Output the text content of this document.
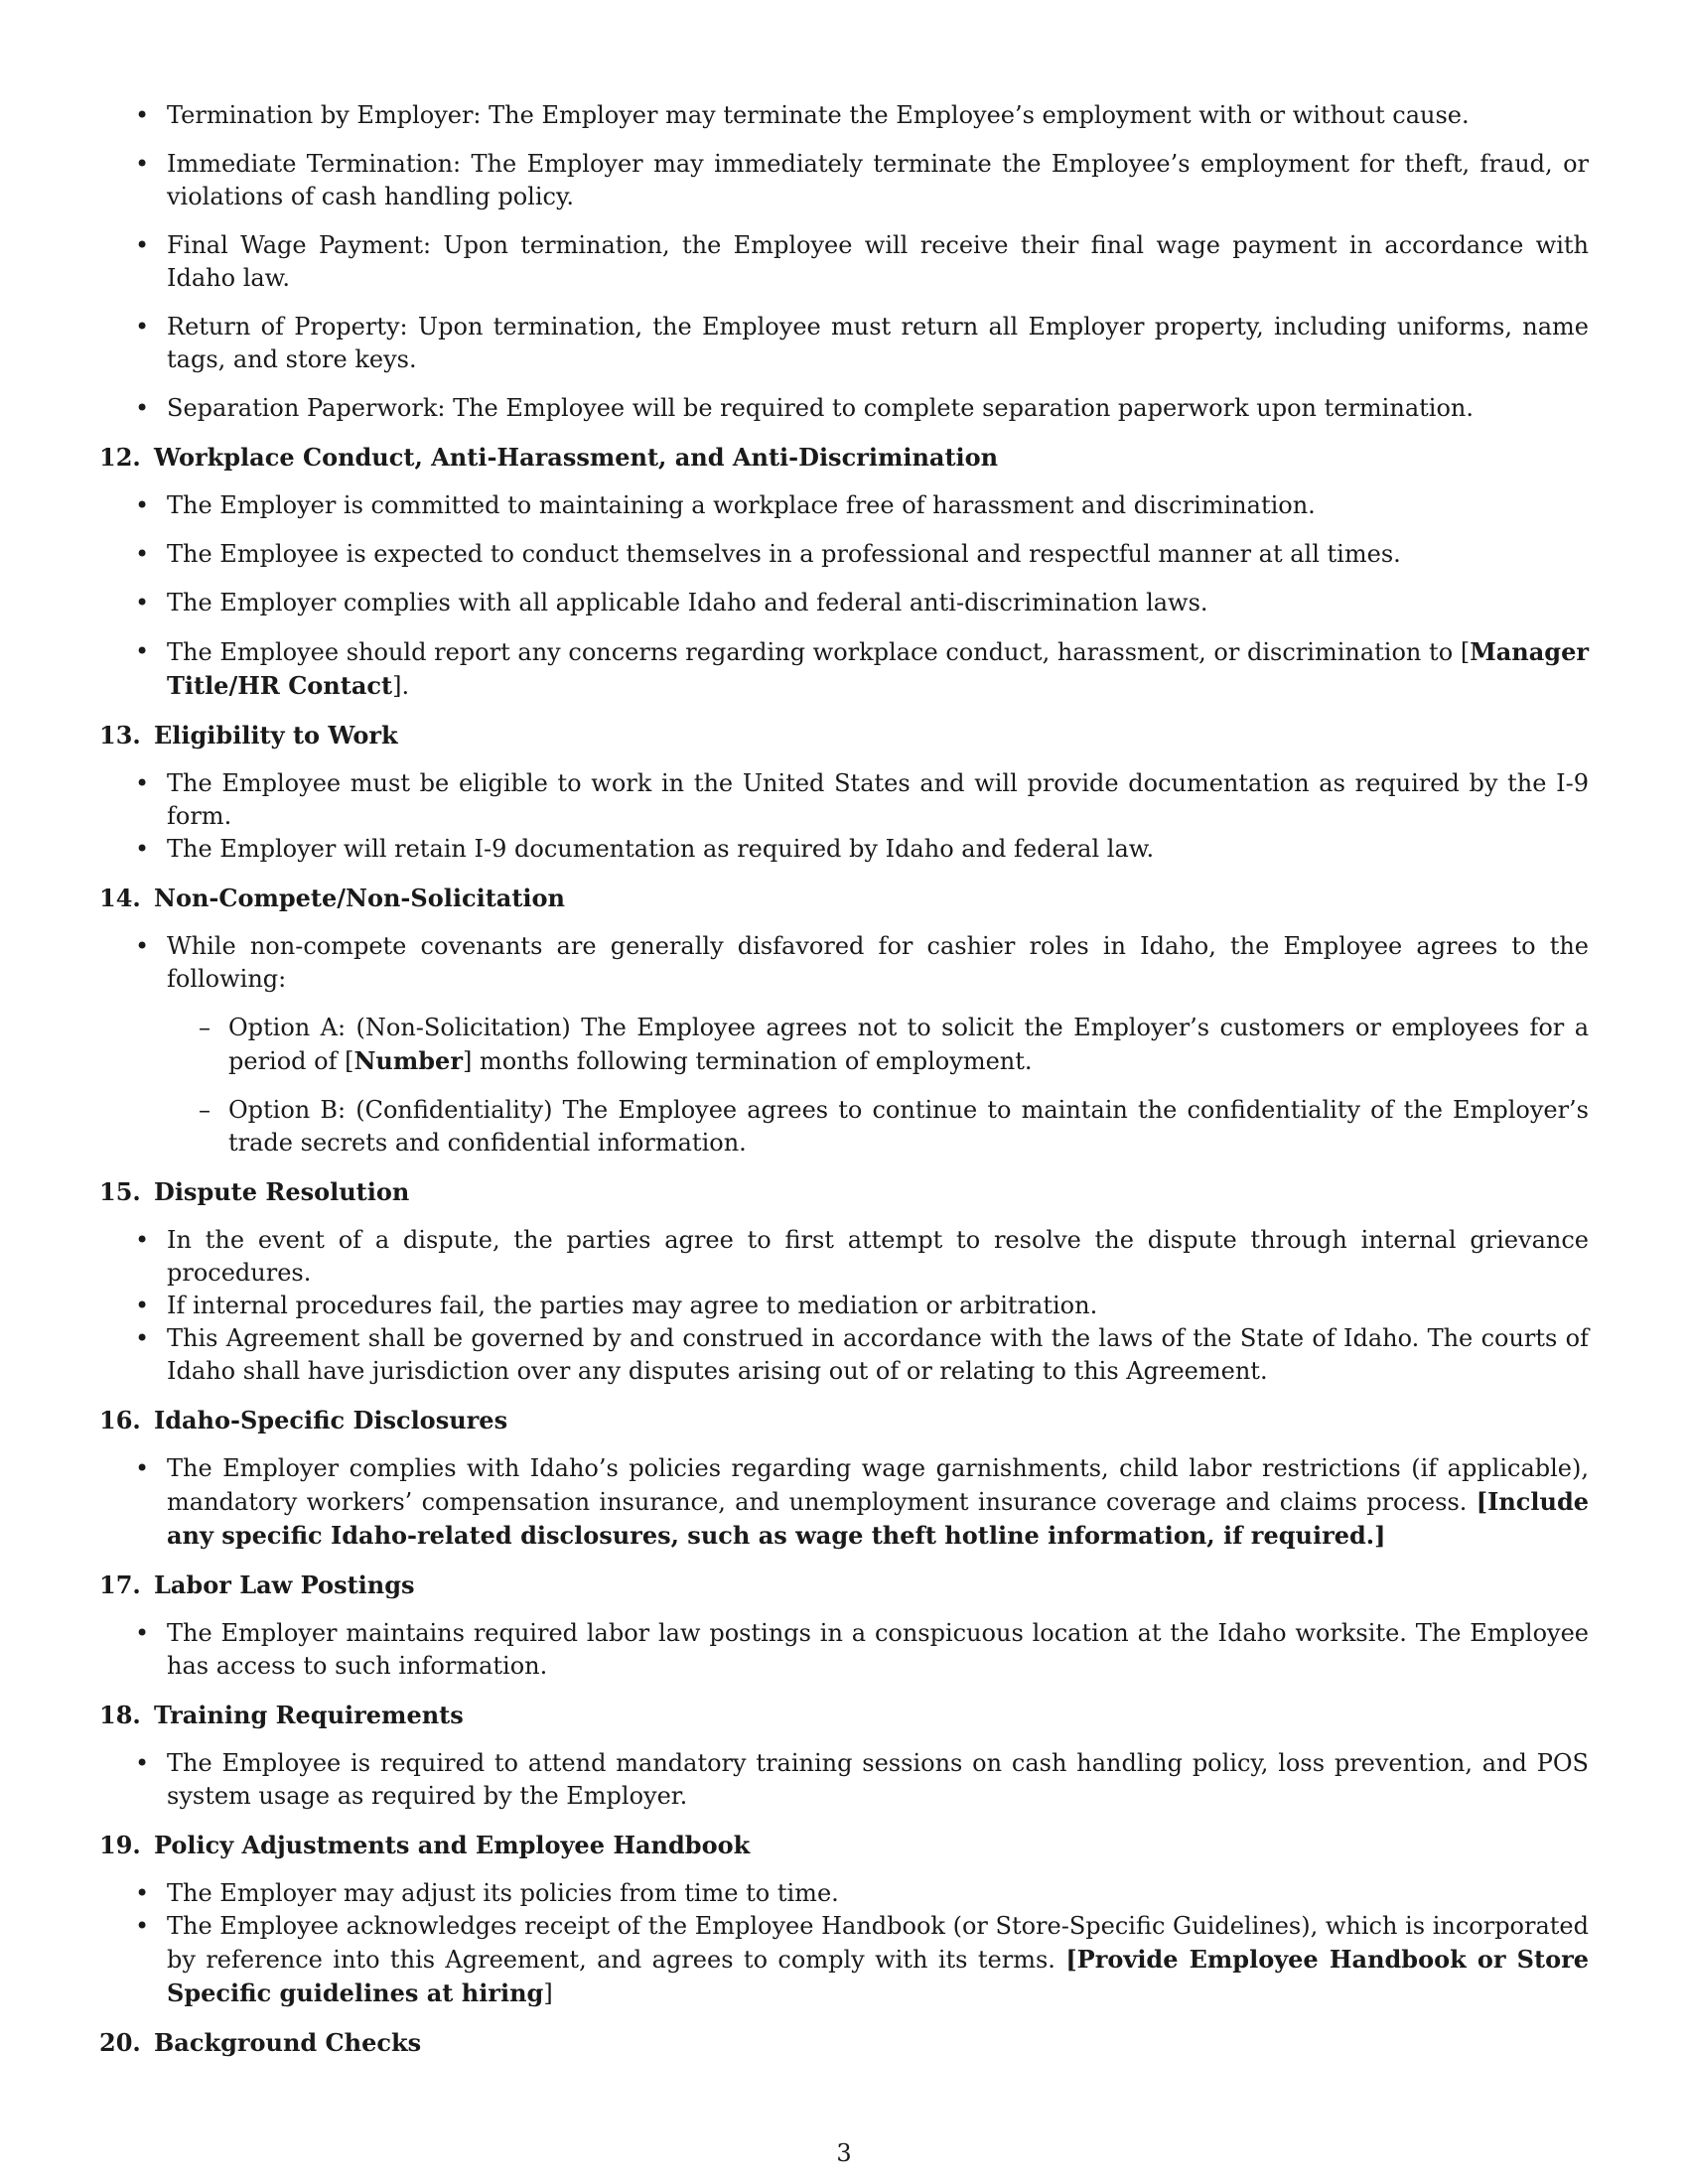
• Termination by Employer: The Employer may terminate the Employee’s employment with or without cause.
• Immediate Termination: The Employer may immediately terminate the Employee’s employment for theft, fraud, or violations of cash handling policy.
• Final Wage Payment: Upon termination, the Employee will receive their final wage payment in accordance with Idaho law.
• Return of Property: Upon termination, the Employee must return all Employer property, including uniforms, name tags, and store keys.
• Separation Paperwork: The Employee will be required to complete separation paperwork upon termination.
12. Workplace Conduct, Anti-Harassment, and Anti-Discrimination
• The Employer is committed to maintaining a workplace free of harassment and discrimination.
• The Employee is expected to conduct themselves in a professional and respectful manner at all times.
• The Employer complies with all applicable Idaho and federal anti-discrimination laws.
• The Employee should report any concerns regarding workplace conduct, harassment, or discrimination to [Manager Title/HR Contact].
13. Eligibility to Work
• The Employee must be eligible to work in the United States and will provide documentation as required by the I-9 form.
• The Employer will retain I-9 documentation as required by Idaho and federal law.
14. Non-Compete/Non-Solicitation
• While non-compete covenants are generally disfavored for cashier roles in Idaho, the Employee agrees to the following:
– Option A: (Non-Solicitation) The Employee agrees not to solicit the Employer’s customers or employees for a period of [Number] months following termination of employment.
– Option B: (Confidentiality) The Employee agrees to continue to maintain the confidentiality of the Employer’s trade secrets and confidential information.
15. Dispute Resolution
• In the event of a dispute, the parties agree to first attempt to resolve the dispute through internal grievance procedures.
• If internal procedures fail, the parties may agree to mediation or arbitration.
• This Agreement shall be governed by and construed in accordance with the laws of the State of Idaho. The courts of Idaho shall have jurisdiction over any disputes arising out of or relating to this Agreement.
16. Idaho-Specific Disclosures
• The Employer complies with Idaho’s policies regarding wage garnishments, child labor restrictions (if applicable), mandatory workers’ compensation insurance, and unemployment insurance coverage and claims process. [Include any specific Idaho-related disclosures, such as wage theft hotline information, if required.]
17. Labor Law Postings
• The Employer maintains required labor law postings in a conspicuous location at the Idaho worksite. The Employee has access to such information.
18. Training Requirements
• The Employee is required to attend mandatory training sessions on cash handling policy, loss prevention, and POS system usage as required by the Employer.
19. Policy Adjustments and Employee Handbook
• The Employer may adjust its policies from time to time.
• The Employee acknowledges receipt of the Employee Handbook (or Store-Specific Guidelines), which is incorporated by reference into this Agreement, and agrees to comply with its terms. [Provide Employee Handbook or Store Specific guidelines at hiring]
20. Background Checks
3
